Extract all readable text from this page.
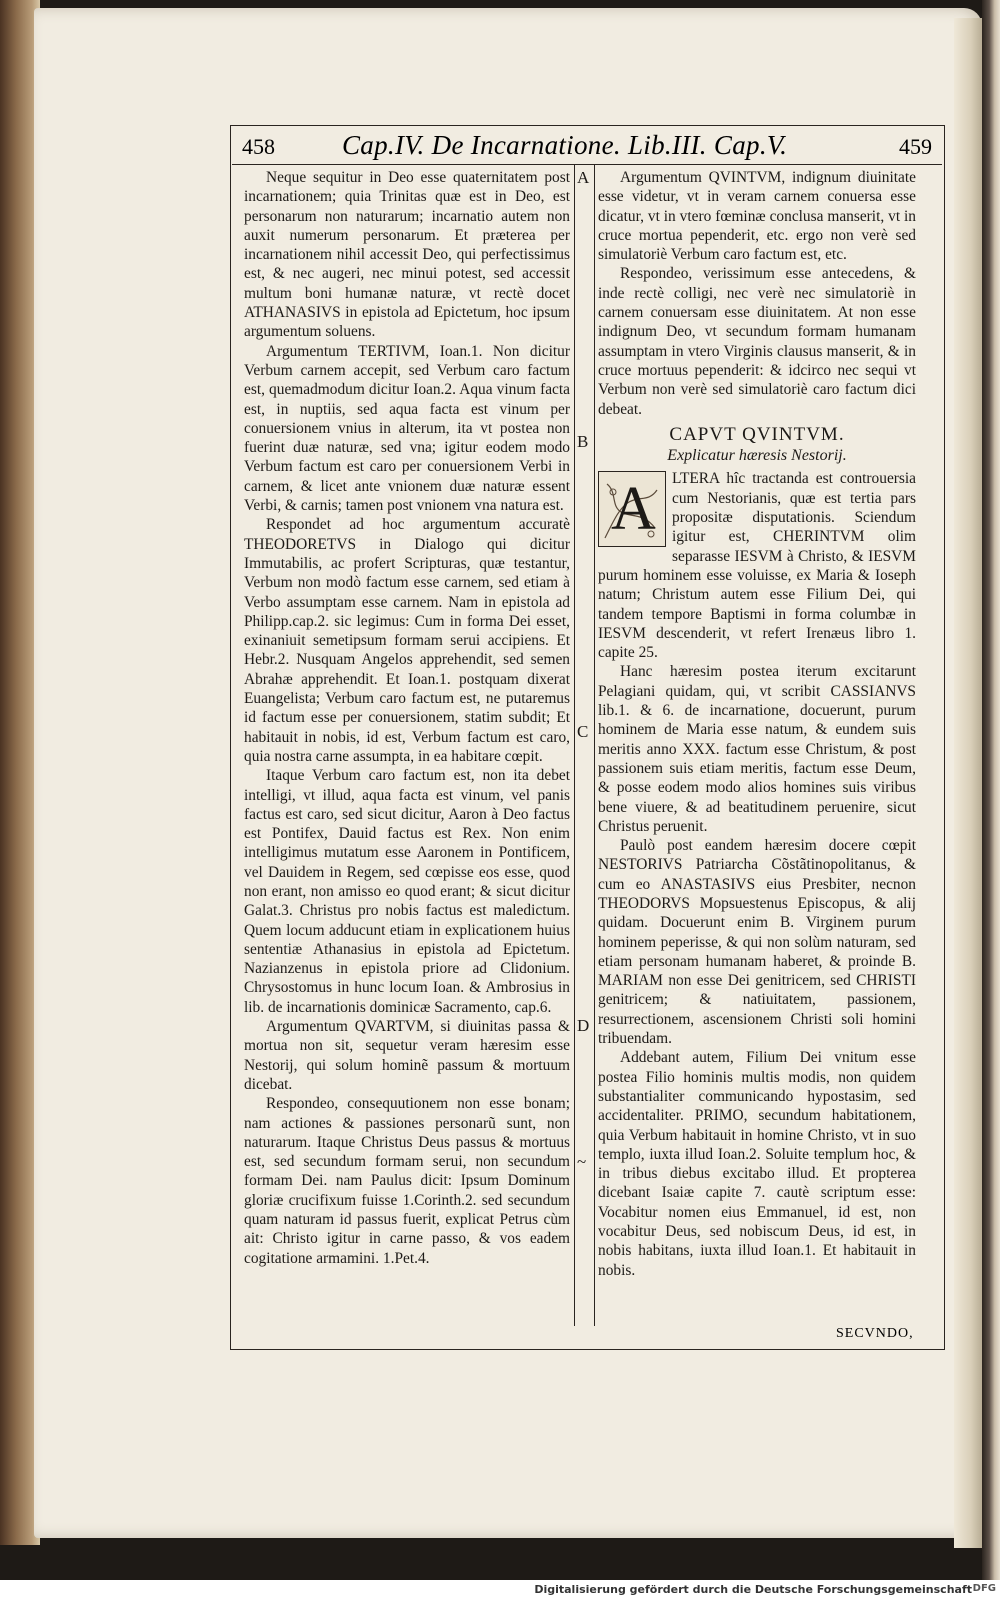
458 Cap.IV. De Incarnatione. Lib.III. Cap.V.	459
A
B
C
D
~

Neque sequitur in Deo esse quaternitatem post incarnationem; quia Trinitas quæ est in Deo, est personarum non naturarum; incarnatio autem non auxit numerum personarum. Et præterea per incarnationem nihil accessit Deo, qui perfectissimus est, & nec augeri, nec minui potest, sed accessit multum boni humanæ naturæ, vt rectè docet ATHANASIVS in epistola ad Epictetum, hoc ipsum argumentum soluens.

Argumentum TERTIVM, Ioan.1. Non dicitur Verbum carnem accepit, sed Verbum caro factum est, quemadmodum dicitur Ioan.2. Aqua vinum facta est, in nuptiis, sed aqua facta est vinum per conuersionem vnius in alterum, ita vt postea non fuerint duæ naturæ, sed vna; igitur eodem modo Verbum factum est caro per conuersionem Verbi in carnem, & licet ante vnionem duæ naturæ essent Verbi, & carnis; tamen post vnionem vna natura est.

Respondet ad hoc argumentum accuratè THEODORETVS in Dialogo qui dicitur Immutabilis, ac profert Scripturas, quæ testantur, Verbum non modò factum esse carnem, sed etiam à Verbo assumptam esse carnem. Nam in epistola ad Philipp.cap.2. sic legimus: Cum in forma Dei esset, exinaniuit semetipsum formam serui accipiens. Et Hebr.2. Nusquam Angelos apprehendit, sed semen Abrahæ apprehendit. Et Ioan.1. postquam dixerat Euangelista; Verbum caro factum est, ne putaremus id factum esse per conuersionem, statim subdit; Et habitauit in nobis, id est, Verbum factum est caro, quia nostra carne assumpta, in ea habitare cœpit.

Itaque Verbum caro factum est, non ita debet intelligi, vt illud, aqua facta est vinum, vel panis factus est caro, sed sicut dicitur, Aaron à Deo factus est Pontifex, Dauid factus est Rex. Non enim intelligimus mutatum esse Aaronem in Pontificem, vel Dauidem in Regem, sed cœpisse eos esse, quod non erant, non amisso eo quod erant; & sicut dicitur Galat.3. Christus pro nobis factus est maledictum. Quem locum adducunt etiam in explicationem huius sententiæ Athanasius in epistola ad Epictetum. Nazianzenus in epistola priore ad Clidonium. Chrysostomus in hunc locum Ioan. & Ambrosius in lib. de incarnationis dominicæ Sacramento, cap.6.

Argumentum QVARTVM, si diuinitas passa & mortua non sit, sequetur veram hæresim esse Nestorij, qui solum hominẽ passum & mortuum dicebat.

Respondeo, consequutionem non esse bonam; nam actiones & passiones personarũ sunt, non naturarum. Itaque Christus Deus passus & mortuus est, sed secundum formam serui, non secundum formam Dei. nam Paulus dicit: Ipsum Dominum gloriæ crucifixum fuisse 1.Corinth.2. sed secundum quam naturam id passus fuerit, explicat Petrus cùm ait: Christo igitur in carne passo, & vos eadem cogitatione armamini. 1.Pet.4.

Argumentum QVINTVM, indignum diuinitate esse videtur, vt in veram carnem conuersa esse dicatur, vt in vtero fœminæ conclusa manserit, vt in cruce mortua pependerit, etc. ergo non verè sed simulatoriè Verbum caro factum est, etc.

Respondeo, verissimum esse antecedens, & inde rectè colligi, nec verè nec simulatoriè in carnem conuersam esse diuinitatem. At non esse indignum Deo, vt secundum formam humanam assumptam in vtero Virginis clausus manserit, & in cruce mortuus pependerit: & idcirco nec sequi vt Verbum non verè sed simulatoriè caro factum dici debeat.

CAPVT QVINTVM.
Explicatur hæresis Nestorij.

A LTERA hîc tractanda est controuersia cum Nestorianis, quæ est tertia pars propositæ disputationis. Sciendum igitur est, CHERINTVM olim separasse IESVM à Christo, & IESVM purum hominem esse voluisse, ex Maria & Ioseph natum; Christum autem esse Filium Dei, qui tandem tempore Baptismi in forma columbæ in IESVM descenderit, vt refert Irenæus libro 1. capite 25.

Hanc hæresim postea iterum excitarunt Pelagiani quidam, qui, vt scribit CASSIANVS lib.1. & 6. de incarnatione, docuerunt, purum hominem de Maria esse natum, & eundem suis meritis anno XXX. factum esse Christum, & post passionem suis etiam meritis, factum esse Deum, & posse eodem modo alios homines suis viribus bene viuere, & ad beatitudinem peruenire, sicut Christus peruenit.

Paulò post eandem hæresim docere cœpit NESTORIVS Patriarcha Cõstãtinopolitanus, & cum eo ANASTASIVS eius Presbiter, necnon THEODORVS Mopsuestenus Episcopus, & alij quidam. Docuerunt enim B. Virginem purum hominem peperisse, & qui non solùm naturam, sed etiam personam humanam haberet, & proinde B. MARIAM non esse Dei genitricem, sed CHRISTI genitricem; & natiuitatem, passionem, resurrectionem, ascensionem Christi soli homini tribuendam.

Addebant autem, Filium Dei vnitum esse postea Filio hominis multis modis, non quidem substantialiter communicando hypostasim, sed accidentaliter. PRIMO, secundum habitationem, quia Verbum habitauit in homine Christo, vt in suo templo, iuxta illud Ioan.2. Soluite templum hoc, & in tribus diebus excitabo illud. Et propterea dicebant Isaiæ capite 7. cautè scriptum esse: Vocabitur nomen eius Emmanuel, id est, non vocabitur Deus, sed nobiscum Deus, id est, in nobis habitans, iuxta illud Ioan.1. Et habitauit in nobis.

SECVNDO,
Digitalisierung gefördert durch die Deutsche Forschungsgemeinschaft DFG
